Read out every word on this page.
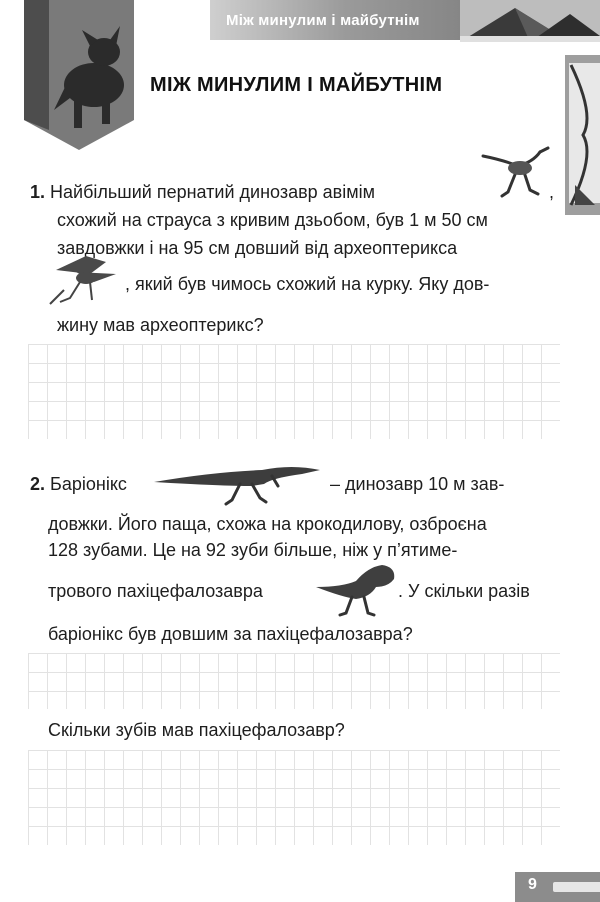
Між минулим і майбутнім
ЖОВТЕНЬ	МІЖ МИНУЛИМ І МАЙБУТНІМ
1. Найбільший пернатий динозавр авімім	,
схожий на страуса з кривим дзьобом, був 1 м 50 см
завдовжки і на 95 см довший від археоптерикса
, який був чимось схожий на курку. Яку дов-
жину мав археоптерикс?
2. Баріонікс	– динозавр 10 м зав-
довжки. Його паща, схожа на крокодилову, озброєна
128 зубами. Це на 92 зуби більше, ніж у п’ятиме-
трового пахіцефалозавра	. У скільки разів
баріонікс був довшим за пахіцефалозавра?
Скільки зубів мав пахіцефалозавр?
9
